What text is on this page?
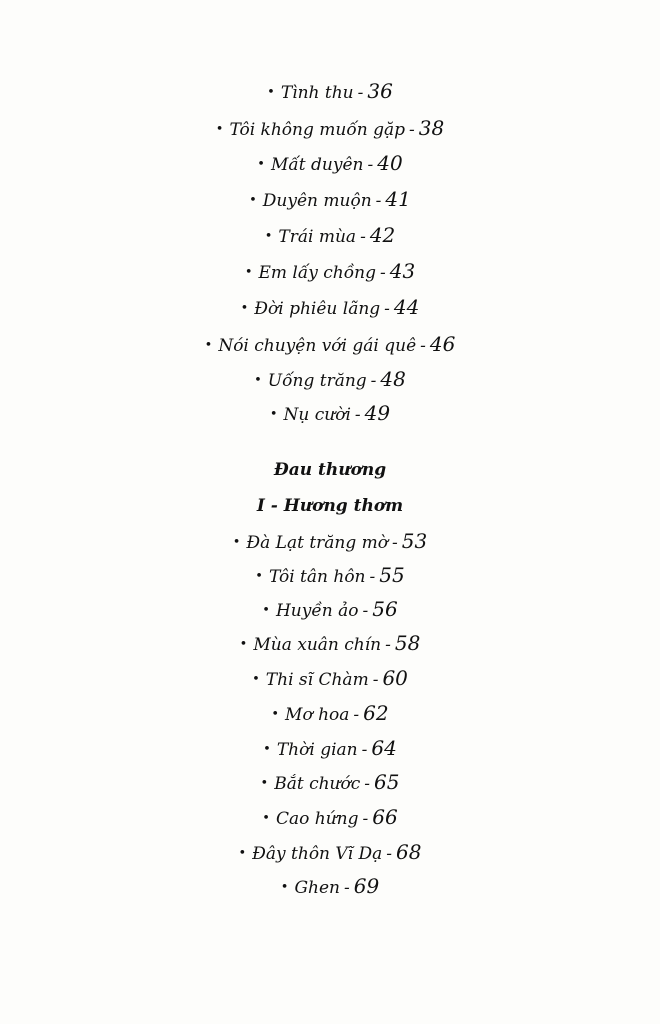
• Tình thu - 36
• Tôi không muốn gặp - 38
• Mất duyên - 40
• Duyên muộn - 41
• Trái mùa - 42
• Em lấy chồng - 43
• Đời phiêu lãng - 44
• Nói chuyện với gái quê - 46
• Uống trăng - 48
• Nụ cười - 49
Đau thương
I - Hương thơm
• Đà Lạt trăng mờ - 53
• Tôi tân hôn - 55
• Huyền ảo - 56
• Mùa xuân chín - 58
• Thi sĩ Chàm - 60
• Mơ hoa - 62
• Thời gian - 64
• Bắt chước - 65
• Cao hứng - 66
• Đây thôn Vĩ Dạ - 68
• Ghen - 69
